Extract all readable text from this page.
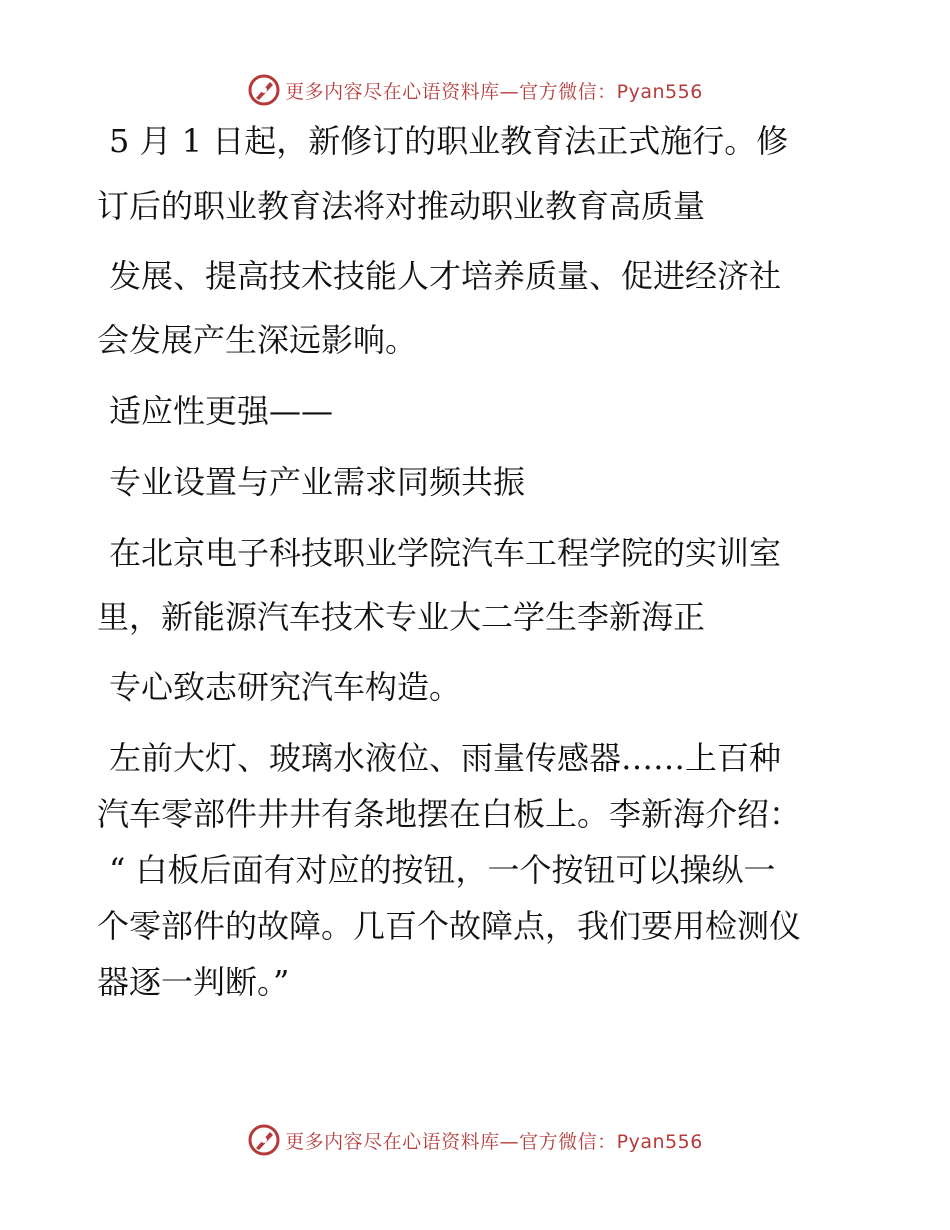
更多内容尽在心语资料库—官方微信：Pyan556
5 月 1 日起，新修订的职业教育法正式施行。修
订后的职业教育法将对推动职业教育高质量
发展、提高技术技能人才培养质量、促进经济社
会发展产生深远影响。
适应性更强——
专业设置与产业需求同频共振
在北京电子科技职业学院汽车工程学院的实训室
里，新能源汽车技术专业大二学生李新海正
专心致志研究汽车构造。
左前大灯、玻璃水液位、雨量传感器……上百种
汽车零部件井井有条地摆在白板上。李新海介绍：
“ 白板后面有对应的按钮，一个按钮可以操纵一
个零部件的故障。几百个故障点，我们要用检测仪
器逐一判断。”
更多内容尽在心语资料库—官方微信：Pyan556
